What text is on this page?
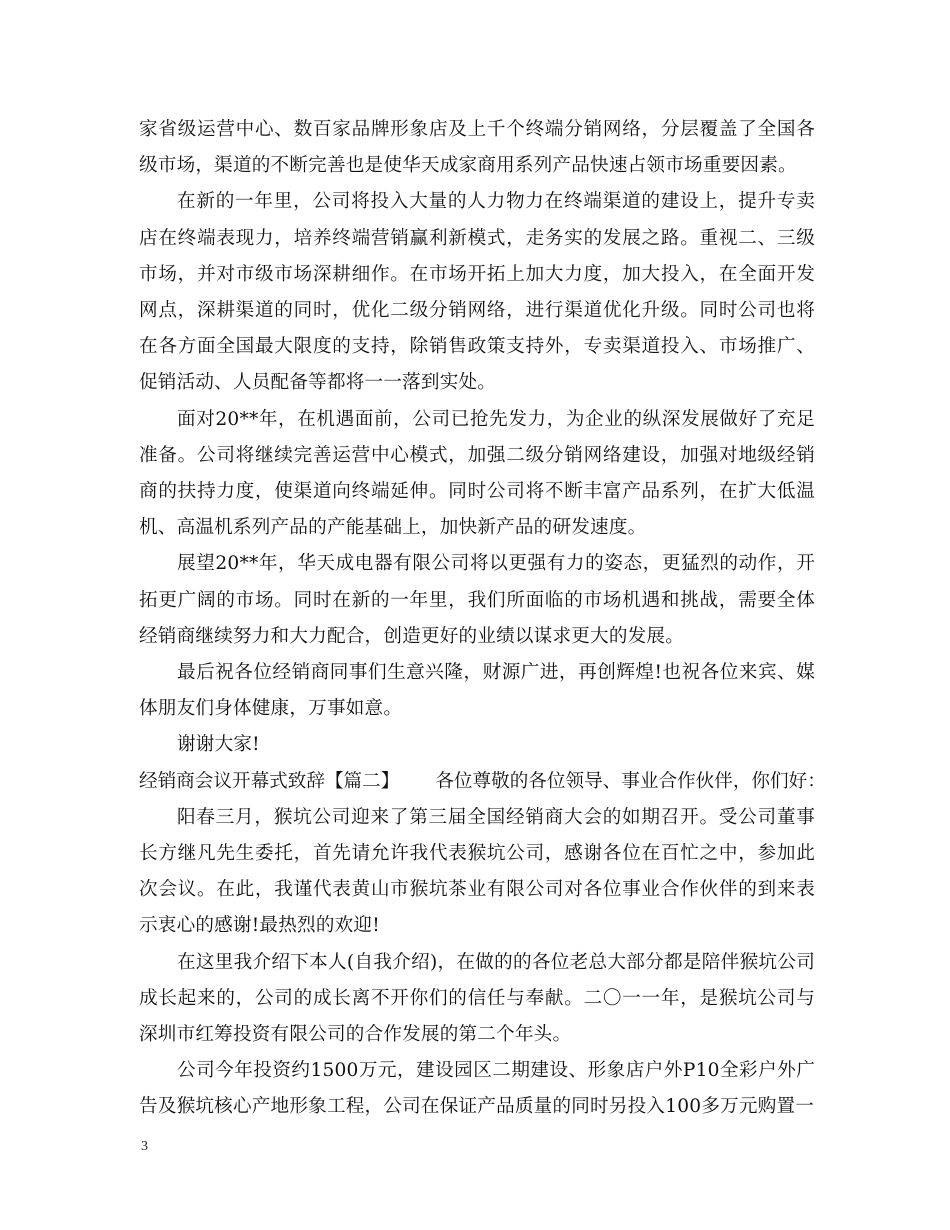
家省级运营中心、数百家品牌形象店及上千个终端分销网络，分层覆盖了全国各级市场，渠道的不断完善也是使华天成家商用系列产品快速占领市场重要因素。

在新的一年里，公司将投入大量的人力物力在终端渠道的建设上，提升专卖店在终端表现力，培养终端营销赢利新模式，走务实的发展之路。重视二、三级市场，并对市级市场深耕细作。在市场开拓上加大力度，加大投入，在全面开发网点，深耕渠道的同时，优化二级分销网络，进行渠道优化升级。同时公司也将在各方面全国最大限度的支持，除销售政策支持外，专卖渠道投入、市场推广、促销活动、人员配备等都将一一落到实处。

面对20**年，在机遇面前，公司已抢先发力，为企业的纵深发展做好了充足准备。公司将继续完善运营中心模式，加强二级分销网络建设，加强对地级经销商的扶持力度，使渠道向终端延伸。同时公司将不断丰富产品系列，在扩大低温机、高温机系列产品的产能基础上，加快新产品的研发速度。

展望20**年，华天成电器有限公司将以更强有力的姿态，更猛烈的动作，开拓更广阔的市场。同时在新的一年里，我们所面临的市场机遇和挑战，需要全体经销商继续努力和大力配合，创造更好的业绩以谋求更大的发展。

最后祝各位经销商同事们生意兴隆，财源广进，再创辉煌!也祝各位来宾、媒体朋友们身体健康，万事如意。

谢谢大家!

经销商会议开幕式致辞【篇二】 各位尊敬的各位领导、事业合作伙伴，你们好：

阳春三月，猴坑公司迎来了第三届全国经销商大会的如期召开。受公司董事长方继凡先生委托，首先请允许我代表猴坑公司，感谢各位在百忙之中，参加此次会议。在此，我谨代表黄山市猴坑茶业有限公司对各位事业合作伙伴的到来表示衷心的感谢!最热烈的欢迎!

在这里我介绍下本人(自我介绍)，在做的的各位老总大部分都是陪伴猴坑公司成长起来的，公司的成长离不开你们的信任与奉献。二〇一一年，是猴坑公司与深圳市红筹投资有限公司的合作发展的第二个年头。

公司今年投资约1500万元，建设园区二期建设、形象店户外P10全彩户外广告及猴坑核心产地形象工程，公司在保证产品质量的同时另投入100多万元购置一

3
